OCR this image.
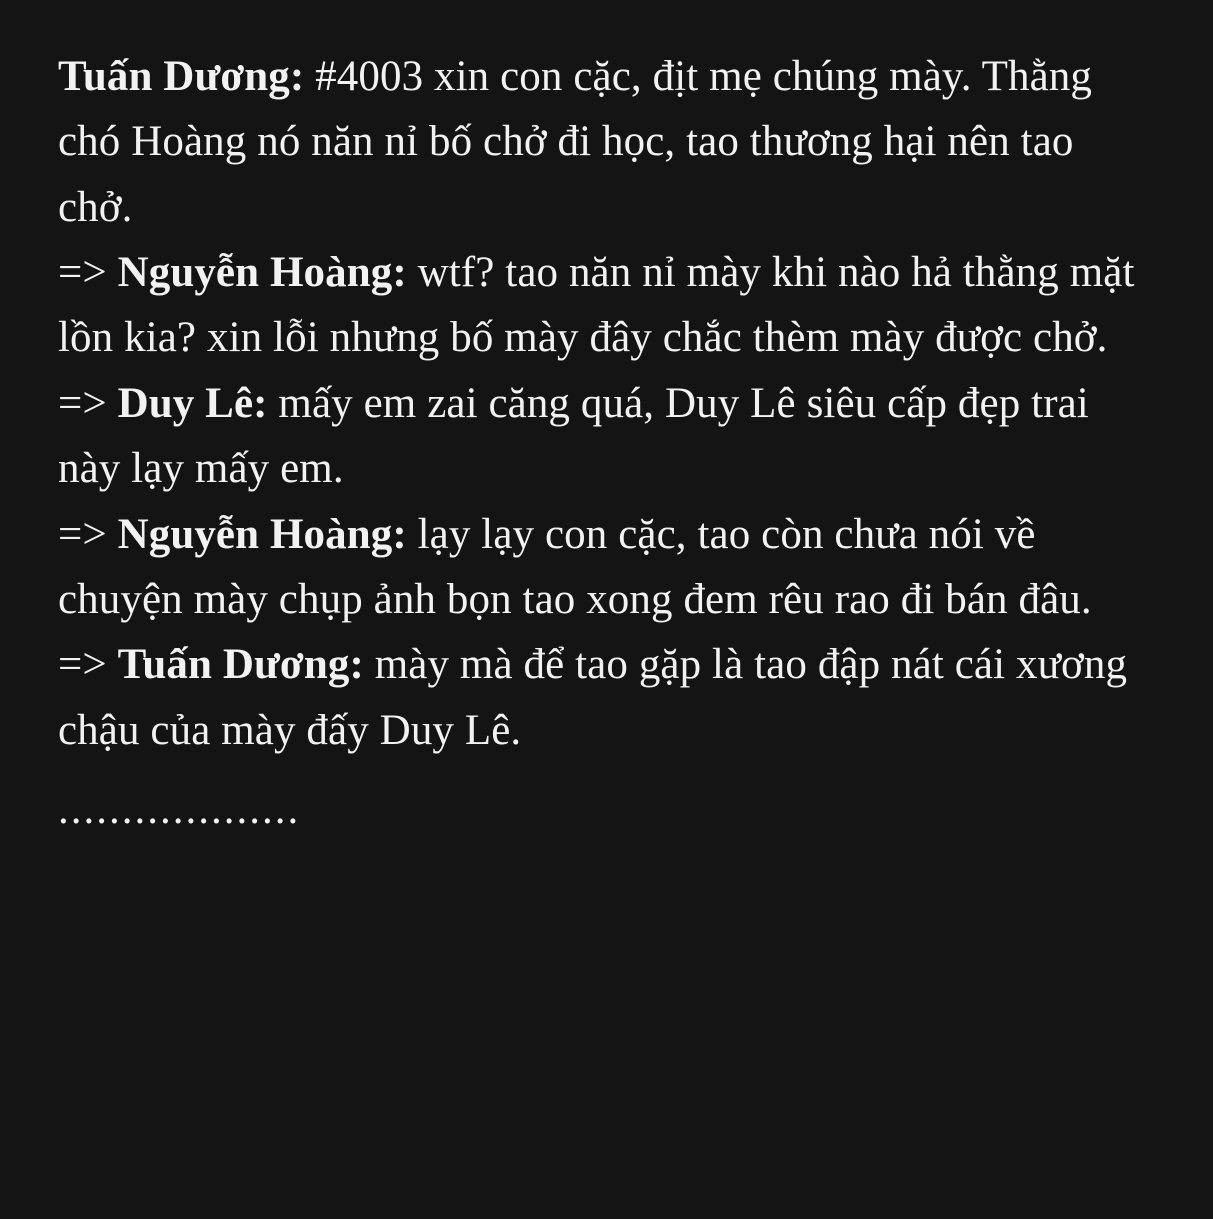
Tuấn Dương: #4003 xin con cặc, địt mẹ chúng mày. Thằng chó Hoàng nó năn nỉ bố chở đi học, tao thương hại nên tao chở.

=> Nguyễn Hoàng: wtf? tao năn nỉ mày khi nào hả thằng mặt lồn kia? xin lỗi nhưng bố mày đây chắc thèm mày được chở.

=> Duy Lê: mấy em zai căng quá, Duy Lê siêu cấp đẹp trai này lạy mấy em.

=> Nguyễn Hoàng: lạy lạy con cặc, tao còn chưa nói về chuyện mày chụp ảnh bọn tao xong đem rêu rao đi bán đâu.

=> Tuấn Dương: mày mà để tao gặp là tao đập nát cái xương chậu của mày đấy Duy Lê.

...................
